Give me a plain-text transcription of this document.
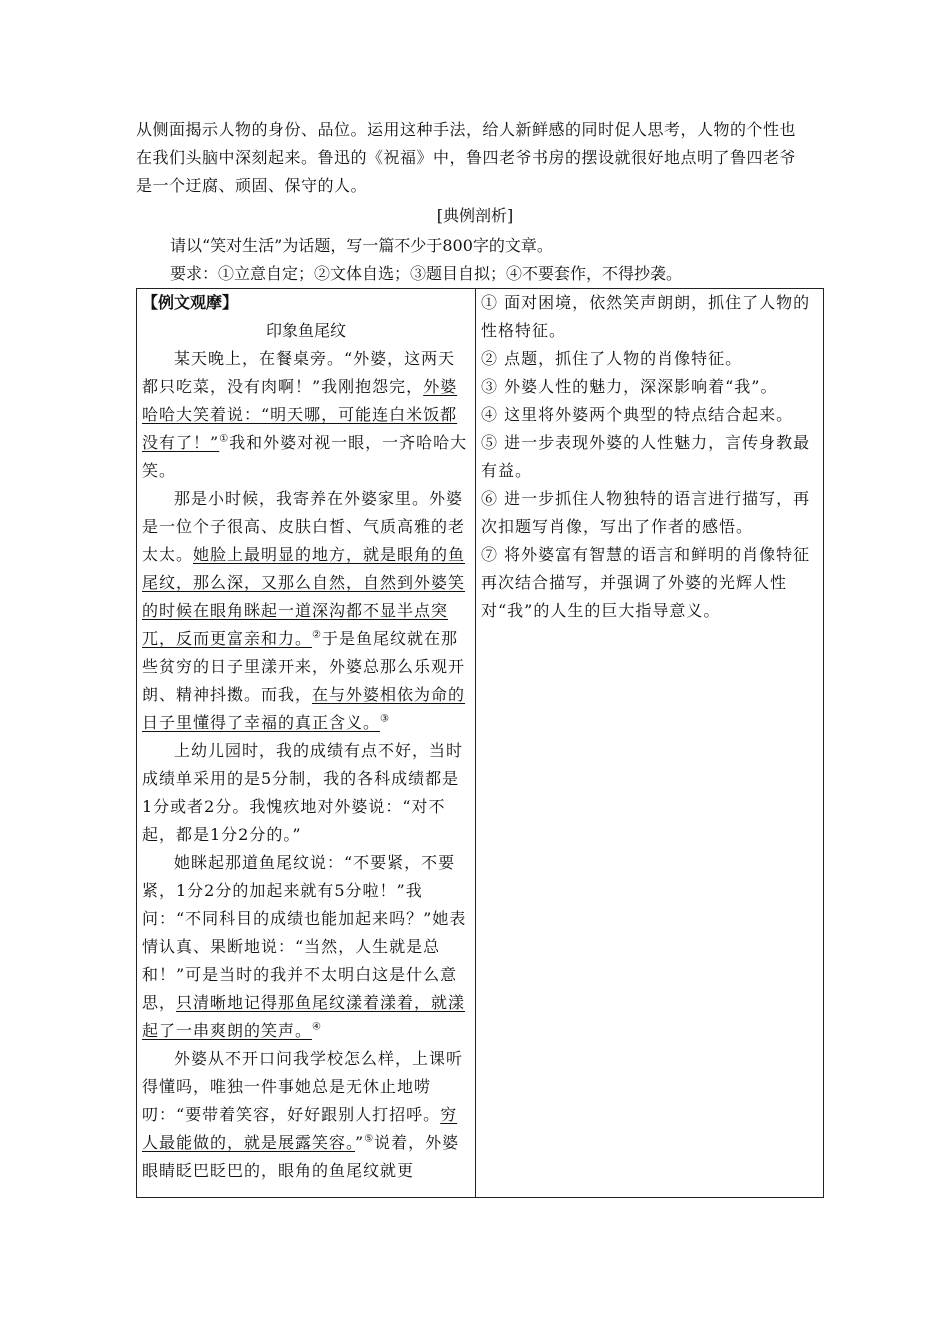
从侧面揭示人物的身份、品位。运用这种手法，给人新鲜感的同时促人思考，人物的个性也

在我们头脑中深刻起来。鲁迅的《祝福》中，鲁四老爷书房的摆设就很好地点明了鲁四老爷

是一个迂腐、顽固、保守的人。

[典例剖析]
请以“笑对生活”为话题，写一篇不少于800字的文章。
要求：①立意自定；②文体自选；③题目自拟；④不要套作，不得抄袭。
【例文观摩】
印象鱼尾纹

某天晚上，在餐桌旁。“外婆，这两天都只吃菜，没有肉啊！”我刚抱怨完，外婆哈哈大笑着说：“明天哪，可能连白米饭都没有了！”①我和外婆对视一眼，一齐哈哈大笑。

那是小时候，我寄养在外婆家里。外婆是一位个子很高、皮肤白皙、气质高雅的老太太。她脸上最明显的地方，就是眼角的鱼尾纹，那么深，又那么自然，自然到外婆笑的时候在眼角眯起一道深沟都不显半点突兀，反而更富亲和力。②于是鱼尾纹就在那些贫穷的日子里漾开来，外婆总那么乐观开朗、精神抖擞。而我，在与外婆相依为命的日子里懂得了幸福的真正含义。③

上幼儿园时，我的成绩有点不好，当时成绩单采用的是5分制，我的各科成绩都是1分或者2分。我愧疚地对外婆说：“对不起，都是1分2分的。”

她眯起那道鱼尾纹说：“不要紧，不要紧，1分2分的加起来就有5分啦！”我问：“不同科目的成绩也能加起来吗？”她表情认真、果断地说：“当然，人生就是总和！”可是当时的我并不太明白这是什么意思，只清晰地记得那鱼尾纹漾着漾着，就漾起了一串爽朗的笑声。④

外婆从不开口问我学校怎么样，上课听得懂吗，唯独一件事她总是无休止地唠叨：“要带着笑容，好好跟别人打招呼。穷人最能做的，就是展露笑容。”⑤说着，外婆眼睛眨巴眨巴的，眼角的鱼尾纹就更

① 面对困境，依然笑声朗朗，抓住了人物的性格特征。

② 点题，抓住了人物的肖像特征。

③ 外婆人性的魅力，深深影响着“我”。

④ 这里将外婆两个典型的特点结合起来。

⑤ 进一步表现外婆的人性魅力，言传身教最有益。

⑥ 进一步抓住人物独特的语言进行描写，再次扣题写肖像，写出了作者的感悟。

⑦ 将外婆富有智慧的语言和鲜明的肖像特征再次结合描写，并强调了外婆的光辉人性对“我”的人生的巨大指导意义。
